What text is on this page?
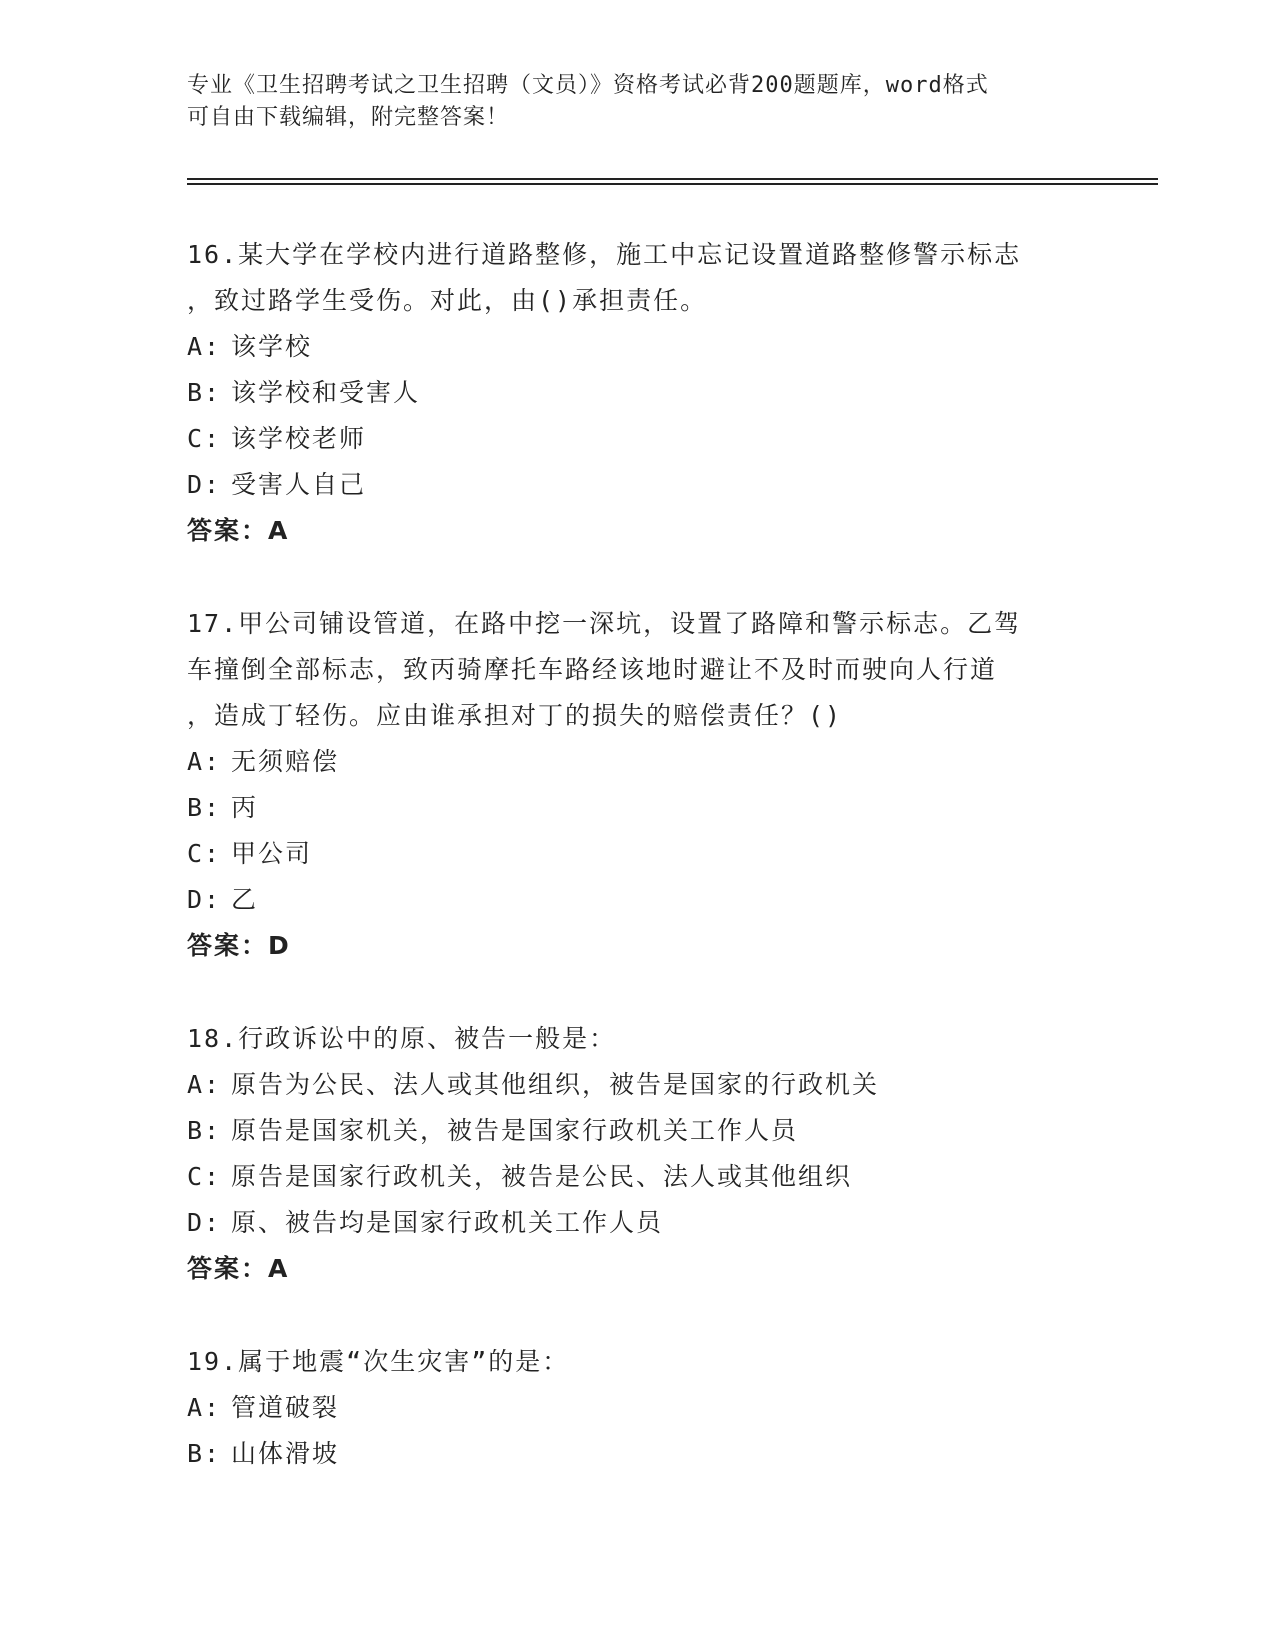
专业《卫生招聘考试之卫生招聘（文员）》资格考试必背200题题库，word格式
可自由下载编辑，附完整答案！
16.某大学在学校内进行道路整修，施工中忘记设置道路整修警示标志
，致过路学生受伤。对此，由()承担责任。
A: 该学校
B: 该学校和受害人
C: 该学校老师
D: 受害人自己
答案：A
17.甲公司铺设管道，在路中挖一深坑，设置了路障和警示标志。乙驾
车撞倒全部标志，致丙骑摩托车路经该地时避让不及时而驶向人行道
，造成丁轻伤。应由谁承担对丁的损失的赔偿责任？()
A: 无须赔偿
B: 丙
C: 甲公司
D: 乙
答案：D
18.行政诉讼中的原、被告一般是：
A: 原告为公民、法人或其他组织，被告是国家的行政机关
B: 原告是国家机关，被告是国家行政机关工作人员
C: 原告是国家行政机关，被告是公民、法人或其他组织
D: 原、被告均是国家行政机关工作人员
答案：A
19.属于地震“次生灾害”的是：
A: 管道破裂
B: 山体滑坡
